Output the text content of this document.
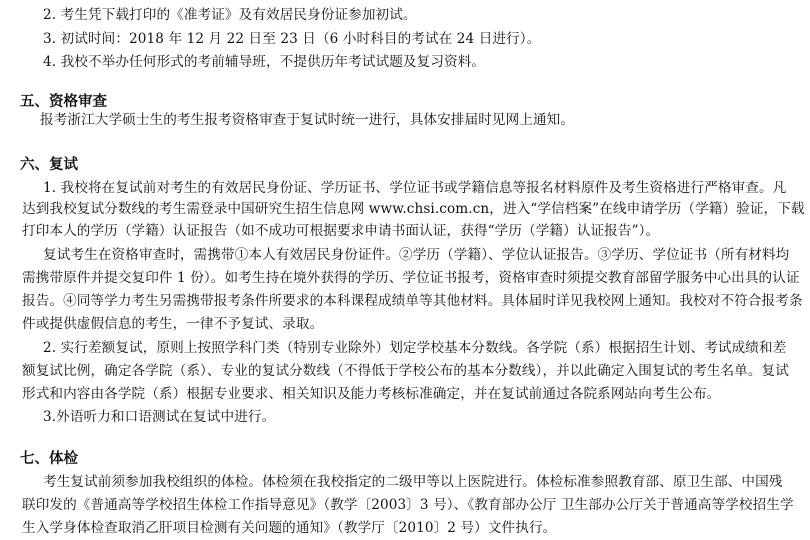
2. 考生凭下载打印的《准考证》及有效居民身份证参加初试。
3. 初试时间：2018 年 12 月 22 日至 23 日（6 小时科目的考试在 24 日进行）。
4. 我校不举办任何形式的考前辅导班，不提供历年考试试题及复习资料。
五、资格审查
报考浙江大学硕士生的考生报考资格审查于复试时统一进行，具体安排届时见网上通知。
六、复试
1. 我校将在复试前对考生的有效居民身份证、学历证书、学位证书或学籍信息等报名材料原件及考生资格进行严格审查。凡
达到我校复试分数线的考生需登录中国研究生招生信息网 www.chsi.com.cn，进入“学信档案”在线申请学历（学籍）验证，下载
打印本人的学历（学籍）认证报告（如不成功可根据要求申请书面认证，获得“学历（学籍）认证报告”）。
复试考生在资格审查时，需携带①本人有效居民身份证件。②学历（学籍）、学位认证报告。③学历、学位证书（所有材料均
需携带原件并提交复印件 1 份）。如考生持在境外获得的学历、学位证书报考，资格审查时须提交教育部留学服务中心出具的认证
报告。④同等学力考生另需携带报考条件所要求的本科课程成绩单等其他材料。具体届时详见我校网上通知。我校对不符合报考条
件或提供虚假信息的考生，一律不予复试、录取。
2. 实行差额复试，原则上按照学科门类（特别专业除外）划定学校基本分数线。各学院（系）根据招生计划、考试成绩和差
额复试比例，确定各学院（系）、专业的复试分数线（不得低于学校公布的基本分数线），并以此确定入围复试的考生名单。复试
形式和内容由各学院（系）根据专业要求、相关知识及能力考核标准确定，并在复试前通过各院系网站向考生公布。
3.外语听力和口语测试在复试中进行。
七、体检
考生复试前须参加我校组织的体检。体检须在我校指定的二级甲等以上医院进行。体检标准参照教育部、原卫生部、中国残
联印发的《普通高等学校招生体检工作指导意见》（教学〔2003〕3 号）、《教育部办公厅 卫生部办公厅关于普通高等学校招生学
生入学身体检查取消乙肝项目检测有关问题的通知》（教学厅〔2010〕2 号）文件执行。
